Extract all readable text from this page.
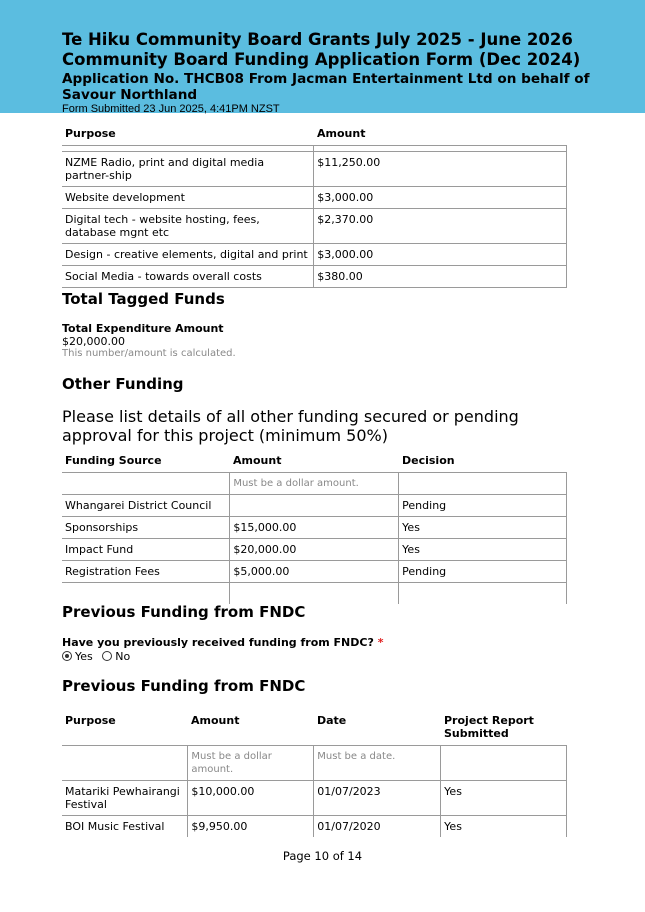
Te Hiku Community Board Grants July 2025 - June 2026
Community Board Funding Application Form (Dec 2024)
Application No. THCB08 From Jacman Entertainment Ltd on behalf of Savour Northland
Form Submitted 23 Jun 2025, 4:41PM NZST
Purpose	Amount

NZME Radio, print and digital media partner-ship	$11,250.00
Website development	$3,000.00
Digital tech - website hosting, fees, database mgnt etc	$2,370.00
Design - creative elements, digital and print	$3,000.00
Social Media - towards overall costs	$380.00
Total Tagged Funds
Total Expenditure Amount
$20,000.00
This number/amount is calculated.
Other Funding
Please list details of all other funding secured or pending approval for this project (minimum 50%)
Funding Source	Amount	Decision
	Must be a dollar amount.	
Whangarei District Council		Pending
Sponsorships	$15,000.00	Yes
Impact Fund	$20,000.00	Yes
Registration Fees	$5,000.00	Pending

Previous Funding from FNDC
Have you previously received funding from FNDC? *
Yes No
Previous Funding from FNDC
Purpose	Amount	Date	Project Report Submitted
	Must be a dollar amount.	Must be a date.	
Matariki Pewhairangi Festival	$10,000.00	01/07/2023	Yes
BOI Music Festival	$9,950.00	01/07/2020	Yes
Page 10 of 14
